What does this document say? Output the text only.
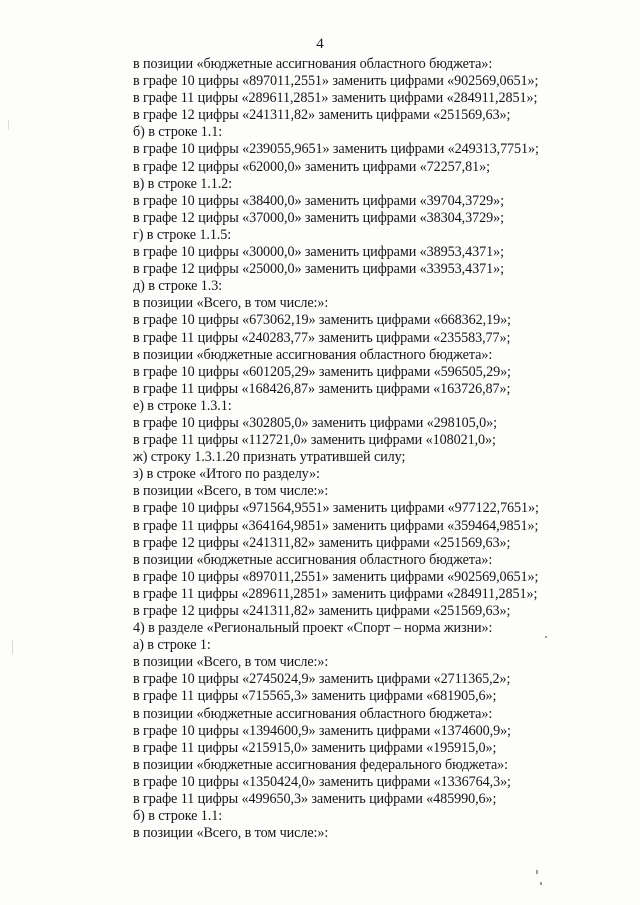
4
в позиции «бюджетные ассигнования областного бюджета»:
в графе 10 цифры «897011,2551» заменить цифрами «902569,0651»;
в графе 11 цифры «289611,2851» заменить цифрами «284911,2851»;
в графе 12 цифры «241311,82» заменить цифрами «251569,63»;
б) в строке 1.1:
в графе 10 цифры «239055,9651» заменить цифрами «249313,7751»;
в графе 12 цифры «62000,0» заменить цифрами «72257,81»;
в) в строке 1.1.2:
в графе 10 цифры «38400,0» заменить цифрами «39704,3729»;
в графе 12 цифры «37000,0» заменить цифрами «38304,3729»;
г) в строке 1.1.5:
в графе 10 цифры «30000,0» заменить цифрами «38953,4371»;
в графе 12 цифры «25000,0» заменить цифрами «33953,4371»;
д) в строке 1.3:
в позиции «Всего, в том числе:»:
в графе 10 цифры «673062,19» заменить цифрами «668362,19»;
в графе 11 цифры «240283,77» заменить цифрами «235583,77»;
в позиции «бюджетные ассигнования областного бюджета»:
в графе 10 цифры «601205,29» заменить цифрами «596505,29»;
в графе 11 цифры «168426,87» заменить цифрами «163726,87»;
е) в строке 1.3.1:
в графе 10 цифры «302805,0» заменить цифрами «298105,0»;
в графе 11 цифры «112721,0» заменить цифрами «108021,0»;
ж) строку 1.3.1.20 признать утратившей силу;
з) в строке «Итого по разделу»:
в позиции «Всего, в том числе:»:
в графе 10 цифры «971564,9551» заменить цифрами «977122,7651»;
в графе 11 цифры «364164,9851» заменить цифрами «359464,9851»;
в графе 12 цифры «241311,82» заменить цифрами «251569,63»;
в позиции «бюджетные ассигнования областного бюджета»:
в графе 10 цифры «897011,2551» заменить цифрами «902569,0651»;
в графе 11 цифры «289611,2851» заменить цифрами «284911,2851»;
в графе 12 цифры «241311,82» заменить цифрами «251569,63»;
4) в разделе «Региональный проект «Спорт – норма жизни»:
а) в строке 1:
в позиции «Всего, в том числе:»:
в графе 10 цифры «2745024,9» заменить цифрами «2711365,2»;
в графе 11 цифры «715565,3» заменить цифрами «681905,6»;
в позиции «бюджетные ассигнования областного бюджета»:
в графе 10 цифры «1394600,9» заменить цифрами «1374600,9»;
в графе 11 цифры «215915,0» заменить цифрами «195915,0»;
в позиции «бюджетные ассигнования федерального бюджета»:
в графе 10 цифры «1350424,0» заменить цифрами «1336764,3»;
в графе 11 цифры «499650,3» заменить цифрами «485990,6»;
б) в строке 1.1:
в позиции «Всего, в том числе:»:
